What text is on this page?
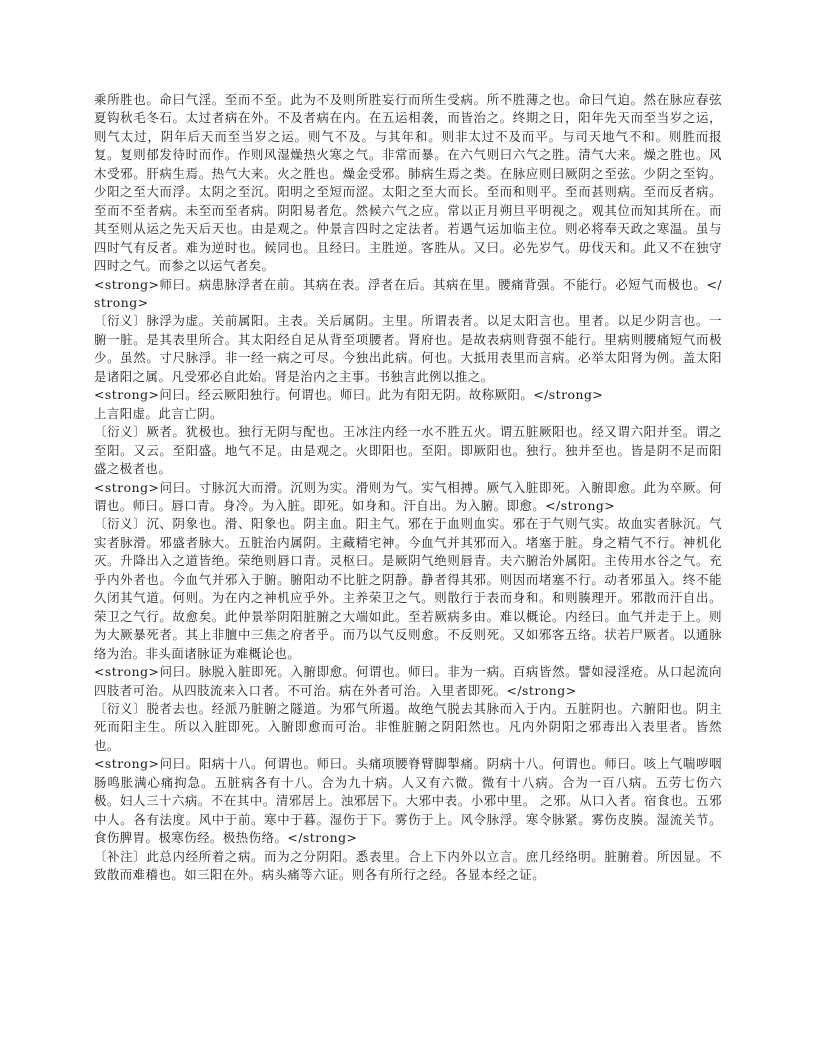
乘所胜也。命曰气淫。至而不至。此为不及则所胜妄行而所生受病。所不胜薄之也。命曰气迫。然在脉应春弦夏钩秋毛冬石。太过者病在外。不及者病在内。在五运相袭，而皆治之。终期之日，阳年先天而至当岁之运，则气太过，阴年后天而至当岁之运。则气不及。与其年和。则非太过不及而平。与司天地气不和。则胜而报复。复则郁发待时而作。作则风湿燥热火寒之气。非常而暴。在六气则曰六气之胜。清气大来。燥之胜也。风木受邪。肝病生焉。热气大来。火之胜也。燥金受邪。肺病生焉之类。在脉应则曰厥阴之至弦。少阴之至钩。少阳之至大而浮。太阴之至沉。阳明之至短而涩。太阳之至大而长。至而和则平。至而甚则病。至而反者病。至而不至者病。未至而至者病。阴阳易者危。然候六气之应。常以正月朔旦平明视之。观其位而知其所在。而其至则从运之先天后天也。由是观之。仲景言四时之定法者。若遇气运加临主位。则必将奉天政之寒温。虽与四时气有反者。难为逆时也。候同也。且经曰。主胜逆。客胜从。又曰。必先岁气。毋伐天和。此又不在独守四时之气。而参之以运气者矣。

<strong>师曰。病患脉浮者在前。其病在表。浮者在后。其病在里。腰痛背强。不能行。必短气而极也。</strong>

〔衍义〕脉浮为虚。关前属阳。主表。关后属阴。主里。所谓表者。以足太阳言也。里者。以足少阴言也。一腑一脏。是其表里所合。其太阳经自足从背至项腰者。肾府也。是故表病则背强不能行。里病则腰痛短气而极少。虽然。寸尺脉浮。非一经一病之可尽。今独出此病。何也。大抵用表里而言病。必举太阳肾为例。盖太阳是诸阳之属。凡受邪必自此始。肾是治内之主事。书独言此例以推之。

<strong>问曰。经云厥阳独行。何谓也。师曰。此为有阳无阴。故称厥阳。</strong>

上言阳虚。此言亡阴。

〔衍义〕厥者。犹极也。独行无阴与配也。王冰注内经一水不胜五火。谓五脏厥阳也。经又谓六阳并至。谓之至阳。又云。至阳盛。地气不足。由是观之。火即阳也。至阳。即厥阳也。独行。独并至也。皆是阴不足而阳盛之极者也。

<strong>问曰。寸脉沉大而滑。沉则为实。滑则为气。实气相搏。厥气入脏即死。入腑即愈。此为卒厥。何谓也。师曰。唇口青。身冷。为入脏。即死。如身和。汗自出。为入腑。即愈。</strong>

〔衍义〕沉、阴象也。滑、阳象也。阴主血。阳主气。邪在于血则血实。邪在于气则气实。故血实者脉沉。气实者脉滑。邪盛者脉大。五脏治内属阴。主藏精宅神。今血气并其邪而入。堵塞于脏。身之精气不行。神机化灭。升降出入之道皆绝。荣绝则唇口青。灵枢曰。是厥阴气绝则唇青。夫六腑治外属阳。主传用水谷之气。充乎内外者也。今血气并邪入于腑。腑阳动不比脏之阴静。静者得其邪。则因而堵塞不行。动者邪虽入。终不能久闭其气道。何则。为在内之神机应乎外。主养荣卫之气。则散行于表而身和。和则腠理开。邪散而汗自出。荣卫之气行。故愈矣。此仲景举阴阳脏腑之大端如此。至若厥病多由。难以概论。内经曰。血气并走于上。则为大厥暴死者。其上非膻中三焦之府者乎。而乃以气反则愈。不反则死。又如邪客五络。状若尸厥者。以通脉络为治。非头面诸脉证为难概论也。

<strong>问曰。脉脱入脏即死。入腑即愈。何谓也。师曰。非为一病。百病皆然。譬如浸淫疮。从口起流向四肢者可治。从四肢流来入口者。不可治。病在外者可治。入里者即死。</strong>

〔衍义〕脱者去也。经派乃脏腑之隧道。为邪气所遏。故绝气脱去其脉而入于内。五脏阴也。六腑阳也。阴主死而阳主生。所以入脏即死。入腑即愈而可治。非惟脏腑之阴阳然也。凡内外阴阳之邪毒出入表里者。皆然也。

<strong>问曰。阳病十八。何谓也。师曰。头痛项腰脊臂脚掣痛。阴病十八。何谓也。师曰。咳上气喘哕咽肠鸣胀满心痛拘急。五脏病各有十八。合为九十病。人又有六微。微有十八病。合为一百八病。五劳七伤六极。妇人三十六病。不在其中。清邪居上。浊邪居下。大邪中表。小邪中里。 之邪。从口入者。宿食也。五邪中人。各有法度。风中于前。寒中于暮。湿伤于下。雾伤于上。风令脉浮。寒令脉紧。雾伤皮腠。湿流关节。食伤脾胃。极寒伤经。极热伤络。</strong>

〔补注〕此总内经所着之病。而为之分阴阳。悉表里。合上下内外以立言。庶几经络明。脏腑着。所因显。不致散而难稽也。如三阳在外。病头痛等六证。则各有所行之经。各显本经之证。
